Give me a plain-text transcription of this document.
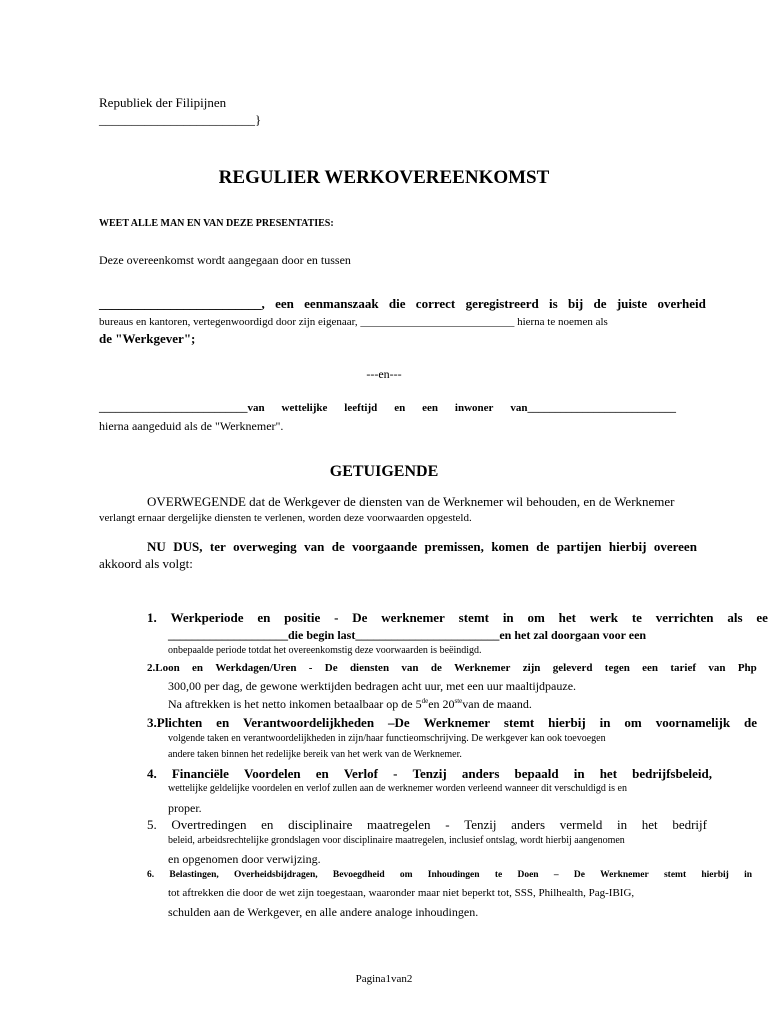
Republiek der Filipijnen
________________________}
REGULIER WERKOVEREENKOMST
WEET ALLE MAN EN VAN DEZE PRESENTATIES:
Deze overeenkomst wordt aangegaan door en tussen
_________________________, een eenmanszaak die correct geregistreerd is bij de juiste overheid
bureaus en kantoren, vertegenwoordigd door zijn eigenaar, ____________________________ hierna te noemen als
de "Werkgever";
---en---
___________________________van wettelijke leeftijd en een inwoner van___________________________
hierna aangeduid als de "Werknemer".
GETUIGENDE
OVERWEGENDE dat de Werkgever de diensten van de Werknemer wil behouden, en de Werknemer
verlangt ernaar dergelijke diensten te verlenen, worden deze voorwaarden opgesteld.
NU DUS, ter overweging van de voorgaande premissen, komen de partijen hierbij overeen
akkoord als volgt:
1. Werkperiode en positie - De werknemer stemt in om het werk te verrichten als ee
____________________die begin last________________________en het zal doorgaan voor een
onbepaalde periode totdat het overeenkomstig deze voorwaarden is beëindigd.
2.Loon en Werkdagen/Uren - De diensten van de Werknemer zijn geleverd tegen een tarief van Php
300,00 per dag, de gewone werktijden bedragen acht uur, met een uur maaltijdpauze.
Na aftrekken is het netto inkomen betaalbaar op de 5deen 20stevan de maand.
3.Plichten en Verantwoordelijkheden –De Werknemer stemt hierbij in om voornamelijk de
volgende taken en verantwoordelijkheden in zijn/haar functieomschrijving. De werkgever kan ook toevoegen
andere taken binnen het redelijke bereik van het werk van de Werknemer.
4. Financiële Voordelen en Verlof - Tenzij anders bepaald in het bedrijfsbeleid,
wettelijke geldelijke voordelen en verlof zullen aan de werknemer worden verleend wanneer dit verschuldigd is en
proper.
5. Overtredingen en disciplinaire maatregelen - Tenzij anders vermeld in het bedrijf
beleid, arbeidsrechtelijke grondslagen voor disciplinaire maatregelen, inclusief ontslag, wordt hierbij aangenomen
en opgenomen door verwijzing.
6. Belastingen, Overheidsbijdragen, Bevoegdheid om Inhoudingen te Doen – De Werknemer stemt hierbij in
tot aftrekken die door de wet zijn toegestaan, waaronder maar niet beperkt tot, SSS, Philhealth, Pag-IBIG,
schulden aan de Werkgever, en alle andere analoge inhoudingen.
Pagina1van2
